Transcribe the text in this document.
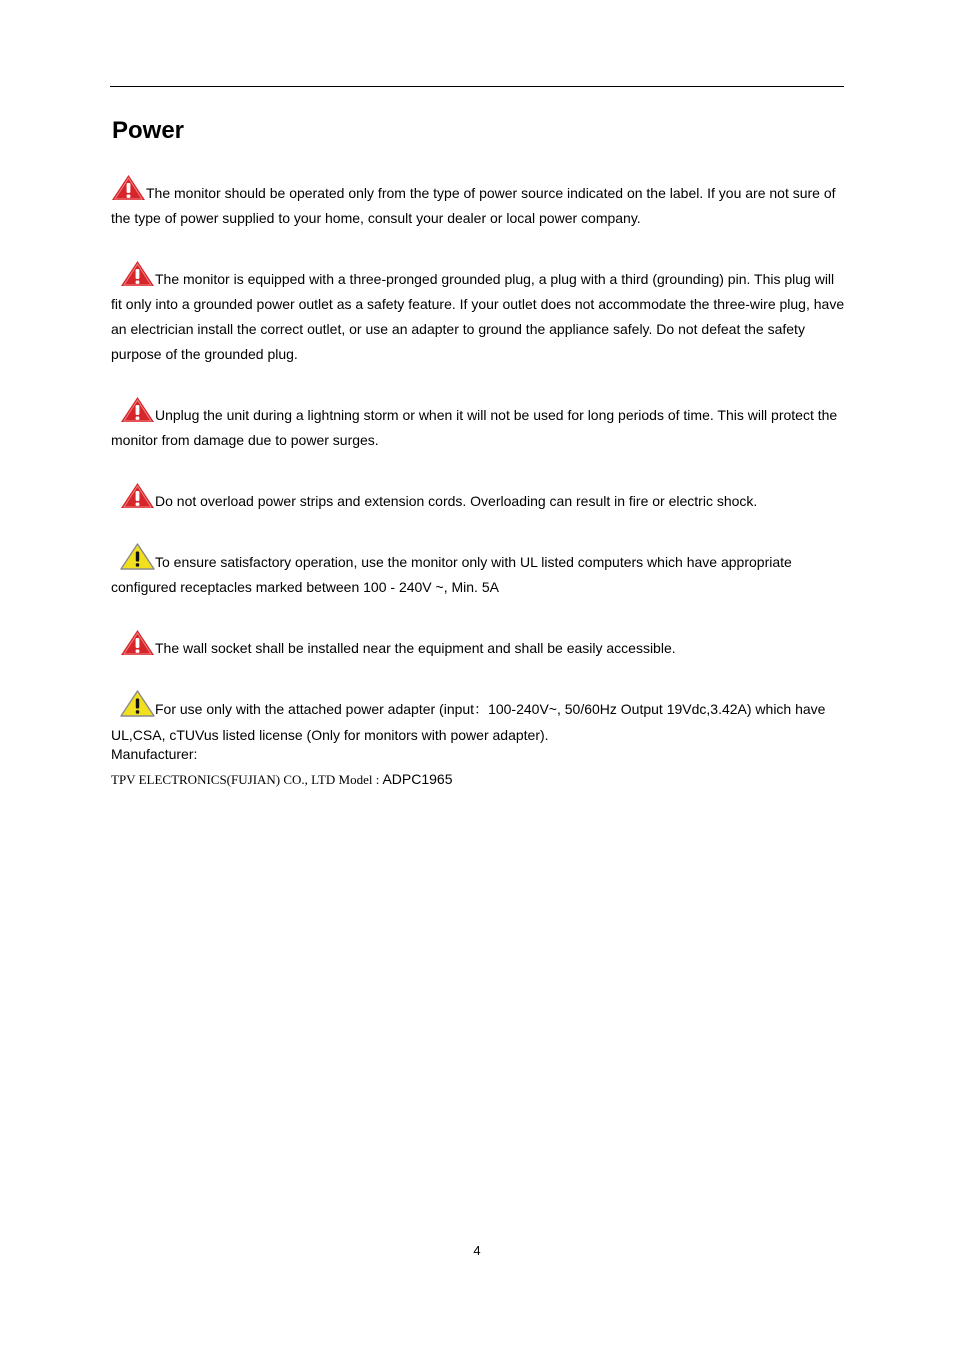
Power

The monitor should be operated only from the type of power source indicated on the label. If you are not sure of the type of power supplied to your home, consult your dealer or local power company.

The monitor is equipped with a three-pronged grounded plug, a plug with a third (grounding) pin. This plug will fit only into a grounded power outlet as a safety feature. If your outlet does not accommodate the three-wire plug, have an electrician install the correct outlet, or use an adapter to ground the appliance safely. Do not defeat the safety purpose of the grounded plug.

Unplug the unit during a lightning storm or when it will not be used for long periods of time. This will protect the monitor from damage due to power surges.

Do not overload power strips and extension cords. Overloading can result in fire or electric shock.

To ensure satisfactory operation, use the monitor only with UL listed computers which have appropriate configured receptacles marked between 100 - 240V ~, Min. 5A

The wall socket shall be installed near the equipment and shall be easily accessible.

For use only with the attached power adapter (input：100-240V~, 50/60Hz Output 19Vdc,3.42A) which have UL,CSA, cTUVus listed license (Only for monitors with power adapter).

Manufacturer:

TPV ELECTRONICS(FUJIAN) CO., LTD Model : ADPC1965

4
